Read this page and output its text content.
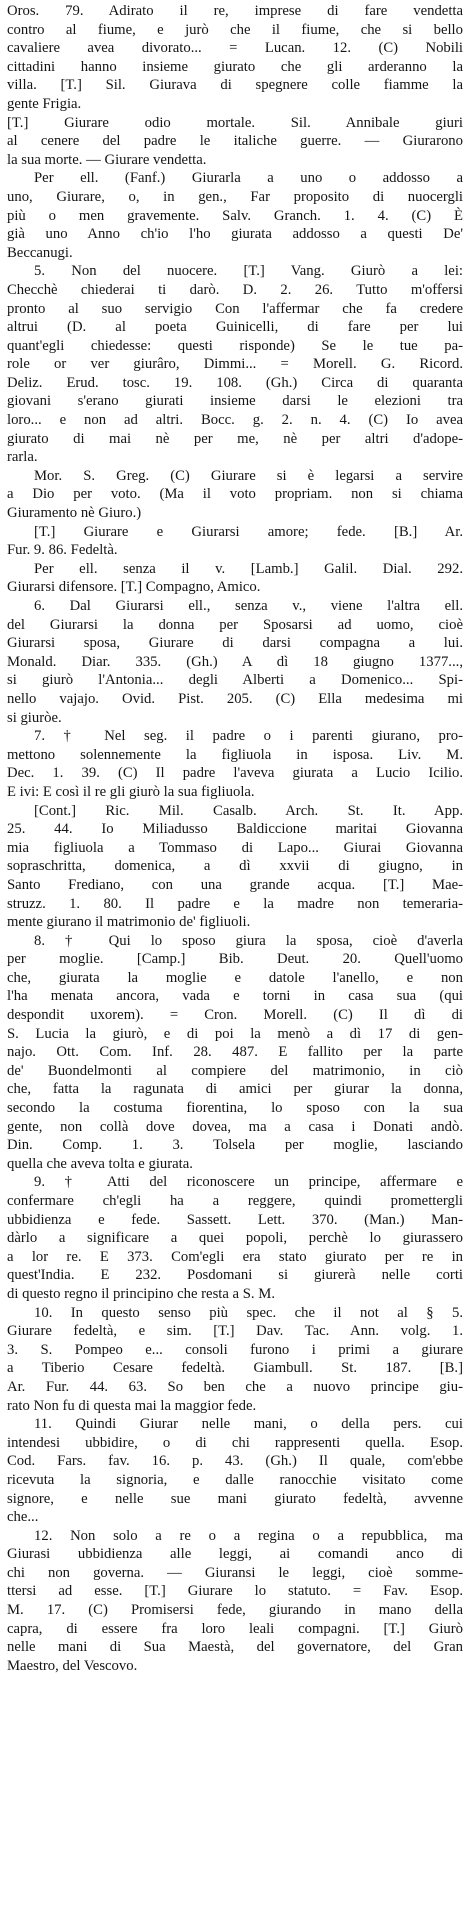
Oros. 79. Adirato il re, imprese di fare vendetta
contro al fiume, e jurò che il fiume, che si bello
cavaliere avea divorato... = Lucan. 12. (C) Nobili
cittadini hanno insieme giurato che gli arderanno la
villa. [T.] Sil. Giurava di spegnere colle fiamme la
gente Frigia.
[T.] Giurare odio mortale. Sil. Annibale giuri
al cenere del padre le italiche guerre. — Giurarono
la sua morte. — Giurare vendetta.
Per ell. (Fanf.) Giurarla a uno o addosso a
uno, Giurare, o, in gen., Far proposito di nuocergli
più o men gravemente. Salv. Granch. 1. 4. (C) È
già uno Anno ch'io l'ho giurata addosso a questi De'
Beccanugi.
5. Non del nuocere. [T.] Vang. Giurò a lei:
Checchè chiederai ti darò. D. 2. 26. Tutto m'offersi
pronto al suo servigio Con l'affermar che fa credere
altrui (D. al poeta Guinicelli, di fare per lui
quant'egli chiedesse: questi risponde) Se le tue pa-
role or ver giurâro, Dimmi... = Morell. G. Ricord.
Deliz. Erud. tosc. 19. 108. (Gh.) Circa di quaranta
giovani s'erano giurati insieme darsi le elezioni tra
loro... e non ad altri. Bocc. g. 2. n. 4. (C) Io avea
giurato di mai nè per me, nè per altri d'adope-
rarla.
Mor. S. Greg. (C) Giurare si è legarsi a servire
a Dio per voto. (Ma il voto propriam. non si chiama
Giuramento nè Giuro.)
[T.] Giurare e Giurarsi amore; fede. [B.] Ar.
Fur. 9. 86. Fedeltà.
Per ell. senza il v. [Lamb.] Galil. Dial. 292.
Giurarsi difensore. [T.] Compagno, Amico.
6. Dal Giurarsi ell., senza v., viene l'altra ell.
del Giurarsi la donna per Sposarsi ad uomo, cioè
Giurarsi sposa, Giurare di darsi compagna a lui.
Monald. Diar. 335. (Gh.) A dì 18 giugno 1377...,
si giurò l'Antonia... degli Alberti a Domenico... Spi-
nello vajajo. Ovid. Pist. 205. (C) Ella medesima mi
si giuròe.
7. † Nel seg. il padre o i parenti giurano, pro-
mettono solennemente la figliuola in isposa. Liv. M.
Dec. 1. 39. (C) Il padre l'aveva giurata a Lucio Icilio.
E ivi: E così il re gli giurò la sua figliuola.
[Cont.] Ric. Mil. Casalb. Arch. St. It. App.
25. 44. Io Miliadusso Baldiccione maritai Giovanna
mia figliuola a Tommaso di Lapo... Giurai Giovanna
sopraschritta, domenica, a dì xxvii di giugno, in
Santo Frediano, con una grande acqua. [T.] Mae-
struzz. 1. 80. Il padre e la madre non temeraria-
mente giurano il matrimonio de' figliuoli.
8. † Qui lo sposo giura la sposa, cioè d'averla
per moglie. [Camp.] Bib. Deut. 20. Quell'uomo
che, giurata la moglie e datole l'anello, e non
l'ha menata ancora, vada e torni in casa sua (qui
despondit uxorem). = Cron. Morell. (C) Il dì di
S. Lucia la giurò, e di poi la menò a dì 17 di gen-
najo. Ott. Com. Inf. 28. 487. E fallito per la parte
de' Buondelmonti al compiere del matrimonio, in ciò
che, fatta la ragunata di amici per giurar la donna,
secondo la costuma fiorentina, lo sposo con la sua
gente, non collà dove dovea, ma a casa i Donati andò.
Din. Comp. 1. 3. Tolsela per moglie, lasciando
quella che aveva tolta e giurata.
9. † Atti del riconoscere un principe, affermare e
confermare ch'egli ha a reggere, quindi promettergli
ubbidienza e fede. Sassett. Lett. 370. (Man.) Man-
dàrlo a significare a quei popoli, perchè lo giurassero
a lor re. E 373. Com'egli era stato giurato per re in
quest'India. E 232. Posdomani si giurerà nelle corti
di questo regno il principino che resta a S. M.
10. In questo senso più spec. che il not al § 5.
Giurare fedeltà, e sim. [T.] Dav. Tac. Ann. volg. 1.
3. S. Pompeo e... consoli furono i primi a giurare
a Tiberio Cesare fedeltà. Giambull. St. 187. [B.]
Ar. Fur. 44. 63. So ben che a nuovo principe giu-
rato Non fu di questa mai la maggior fede.
11. Quindi Giurar nelle mani, o della pers. cui
intendesi ubbidire, o di chi rappresenti quella. Esop.
Cod. Fars. fav. 16. p. 43. (Gh.) Il quale, com'ebbe
ricevuta la signoria, e dalle ranocchie visitato come
signore, e nelle sue mani giurato fedeltà, avvenne
che...
12. Non solo a re o a regina o a repubblica, ma
Giurasi ubbidienza alle leggi, ai comandi anco di
chi non governa. — Giuransi le leggi, cioè somme-
ttersi ad esse. [T.] Giurare lo statuto. = Fav. Esop.
M. 17. (C) Promisersi fede, giurando in mano della
capra, di essere fra loro leali compagni. [T.] Giurò
nelle mani di Sua Maestà, del governatore, del Gran
Maestro, del Vescovo.
